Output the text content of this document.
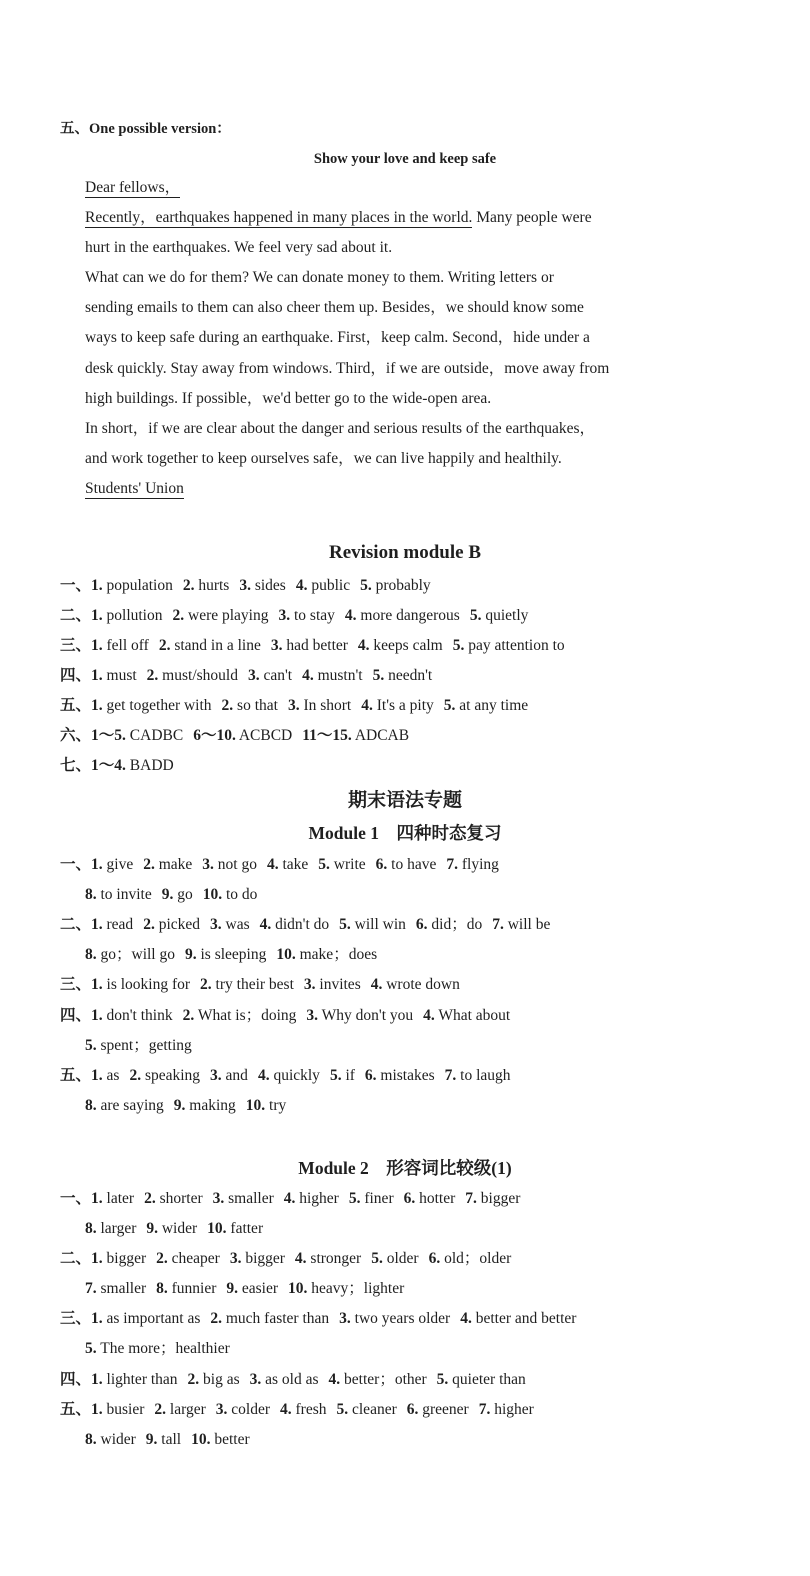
五、One possible version：
Show your love and keep safe
Dear fellows，
Recently，earthquakes happened in many places in the world. Many people were
hurt in the earthquakes. We feel very sad about it.
What can we do for them? We can donate money to them. Writing letters or
sending emails to them can also cheer them up. Besides，we should know some
ways to keep safe during an earthquake. First，keep calm. Second，hide under a
desk quickly. Stay away from windows. Third，if we are outside，move away from
high buildings. If possible，we'd better go to the wide-open area.
In short，if we are clear about the danger and serious results of the earthquakes，
and work together to keep ourselves safe，we can live happily and healthily.
Students' Union
Revision module B
一、1. population 2. hurts 3. sides 4. public 5. probably
二、1. pollution 2. were playing 3. to stay 4. more dangerous 5. quietly
三、1. fell off 2. stand in a line 3. had better 4. keeps calm 5. pay attention to
四、1. must 2. must/should 3. can't 4. mustn't 5. needn't
五、1. get together with 2. so that 3. In short 4. It's a pity 5. at any time
六、1～5. CADBC 6～10. ACBCD 11～15. ADCAB
七、1～4. BADD
期末语法专题
Module 1　四种时态复习
一、1. give 2. make 3. not go 4. take 5. write 6. to have 7. flying
8. to invite 9. go 10. to do
二、1. read 2. picked 3. was 4. didn't do 5. will win 6. did；do 7. will be
8. go；will go 9. is sleeping 10. make；does
三、1. is looking for 2. try their best 3. invites 4. wrote down
四、1. don't think 2. What is；doing 3. Why don't you 4. What about
5. spent；getting
五、1. as 2. speaking 3. and 4. quickly 5. if 6. mistakes 7. to laugh
8. are saying 9. making 10. try
Module 2　形容词比较级(1)
一、1. later 2. shorter 3. smaller 4. higher 5. finer 6. hotter 7. bigger
8. larger 9. wider 10. fatter
二、1. bigger 2. cheaper 3. bigger 4. stronger 5. older 6. old；older
7. smaller 8. funnier 9. easier 10. heavy；lighter
三、1. as important as 2. much faster than 3. two years older 4. better and better
5. The more；healthier
四、1. lighter than 2. big as 3. as old as 4. better；other 5. quieter than
五、1. busier 2. larger 3. colder 4. fresh 5. cleaner 6. greener 7. higher
8. wider 9. tall 10. better
